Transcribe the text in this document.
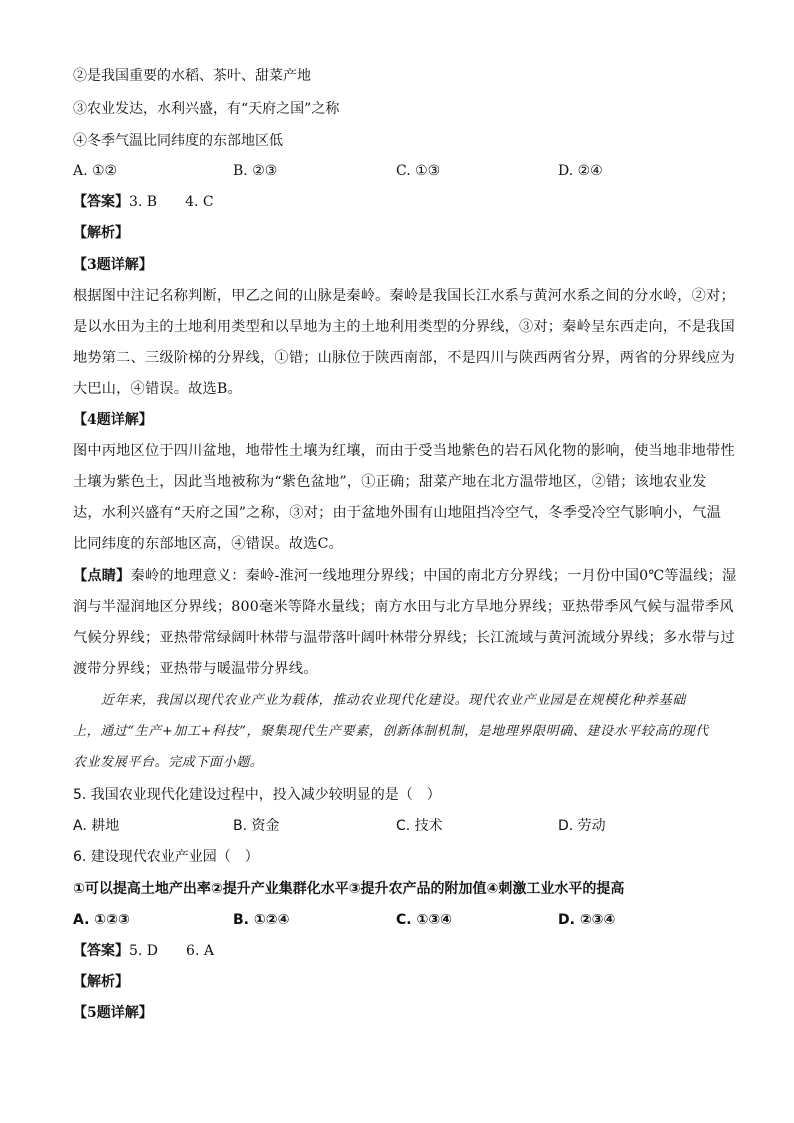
②是我国重要的水稻、茶叶、甜菜产地
③农业发达，水利兴盛，有“天府之国”之称
④冬季气温比同纬度的东部地区低
A. ①②	B. ②③	C. ①③	D. ②④
【答案】3. B 4. C
【解析】
【3题详解】
根据图中注记名称判断，甲乙之间的山脉是秦岭。秦岭是我国长江水系与黄河水系之间的分水岭，②对；
是以水田为主的土地利用类型和以旱地为主的土地利用类型的分界线，③对；秦岭呈东西走向，不是我国
地势第二、三级阶梯的分界线，①错；山脉位于陕西南部，不是四川与陕西两省分界，两省的分界线应为
大巴山，④错误。故选B。
【4题详解】
图中丙地区位于四川盆地，地带性土壤为红壤，而由于受当地紫色的岩石风化物的影响，使当地非地带性
土壤为紫色土，因此当地被称为“紫色盆地”，①正确；甜菜产地在北方温带地区，②错；该地农业发
达，水利兴盛有“天府之国”之称，③对；由于盆地外围有山地阻挡冷空气，冬季受冷空气影响小，气温
比同纬度的东部地区高，④错误。故选C。
【点睛】秦岭的地理意义：秦岭-淮河一线地理分界线；中国的南北方分界线；一月份中国0℃等温线；湿
润与半湿润地区分界线；800毫米等降水量线；南方水田与北方旱地分界线；亚热带季风气候与温带季风
气候分界线；亚热带常绿阔叶林带与温带落叶阔叶林带分界线；长江流域与黄河流域分界线；多水带与过
渡带分界线；亚热带与暖温带分界线。
近年来，我国以现代农业产业为载体，推动农业现代化建设。现代农业产业园是在规模化种养基础
上，通过“生产+加工+科技”，聚集现代生产要素，创新体制机制，是地理界限明确、建设水平较高的现代
农业发展平台。完成下面小题。
5. 我国农业现代化建设过程中，投入减少较明显的是（　）
A. 耕地	B. 资金	C. 技术	D. 劳动
6. 建设现代农业产业园（　）
①可以提高土地产出率②提升产业集群化水平③提升农产品的附加值④刺激工业水平的提高
A. ①②③	B. ①②④	C. ①③④	D. ②③④
【答案】5. D 6. A
【解析】
【5题详解】
